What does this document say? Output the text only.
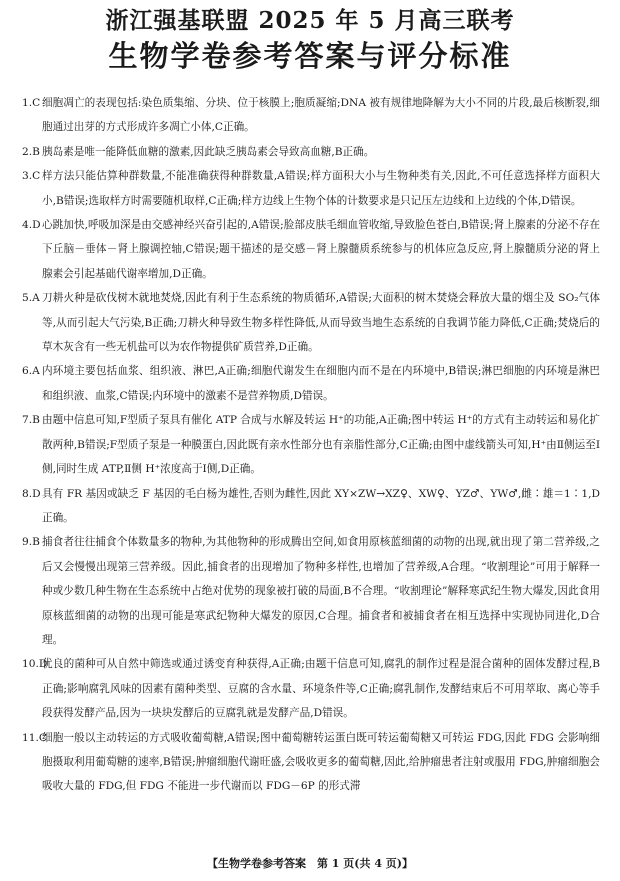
浙江强基联盟 2025 年 5 月高三联考
生物学卷参考答案与评分标准
1.C 细胞凋亡的表现包括:染色质集缩、分块、位于核膜上;胞质凝缩;DNA 被有规律地降解为大小不同的片段,最后核断裂,细胞通过出芽的方式形成许多凋亡小体,C正确。
2.B 胰岛素是唯一能降低血糖的激素,因此缺乏胰岛素会导致高血糖,B正确。
3.C 样方法只能估算种群数量,不能准确获得种群数量,A错误;样方面积大小与生物种类有关,因此,不可任意选择样方面积大小,B错误;选取样方时需要随机取样,C正确;样方边线上生物个体的计数要求是只记压左边线和上边线的个体,D错误。
4.D 心跳加快,呼吸加深是由交感神经兴奋引起的,A错误;脸部皮肤毛细血管收缩,导致脸色苍白,B错误;肾上腺素的分泌不存在下丘脑－垂体－肾上腺调控轴,C错误;题干描述的是交感－肾上腺髓质系统参与的机体应急反应,肾上腺髓质分泌的肾上腺素会引起基础代谢率增加,D正确。
5.A 刀耕火种是砍伐树木就地焚烧,因此有利于生态系统的物质循环,A错误;大面积的树木焚烧会释放大量的烟尘及 SO₂气体等,从而引起大气污染,B正确;刀耕火种导致生物多样性降低,从而导致当地生态系统的自我调节能力降低,C正确;焚烧后的草木灰含有一些无机盐可以为农作物提供矿质营养,D正确。
6.A 内环境主要包括血浆、组织液、淋巴,A正确;细胞代谢发生在细胞内而不是在内环境中,B错误;淋巴细胞的内环境是淋巴和组织液、血浆,C错误;内环境中的激素不是营养物质,D错误。
7.B 由题中信息可知,F型质子泵具有催化 ATP 合成与水解及转运 H⁺的功能,A正确;图中转运 H⁺的方式有主动转运和易化扩散两种,B错误;F型质子泵是一种膜蛋白,因此既有亲水性部分也有亲脂性部分,C正确;由图中虚线箭头可知,H⁺由Ⅱ侧运至Ⅰ侧,同时生成 ATP,Ⅱ侧 H⁺浓度高于Ⅰ侧,D正确。
8.D 具有 FR 基因或缺乏 F 基因的毛白杨为雄性,否则为雌性,因此 XY×ZW→XZ♀、XW♀、YZ♂、YW♂,雌∶雄＝1∶1,D正确。
9.B 捕食者往往捕食个体数量多的物种,为其他物种的形成腾出空间,如食用原核蓝细菌的动物的出现,就出现了第二营养级,之后又会慢慢出现第三营养级。因此,捕食者的出现增加了物种多样性,也增加了营养级,A合理。“收割理论”可用于解释一种或少数几种生物在生态系统中占绝对优势的现象被打破的局面,B不合理。“收割理论”解释寒武纪生物大爆发,因此食用原核蓝细菌的动物的出现可能是寒武纪物种大爆发的原因,C合理。捕食者和被捕食者在相互选择中实现协同进化,D合理。
10.D
优良的菌种可从自然中筛选或通过诱变育种获得,A正确;由题干信息可知,腐乳的制作过程是混合菌种的固体发酵过程,B正确;影响腐乳风味的因素有菌种类型、豆腐的含水量、环境条件等,C正确;腐乳制作,发酵结束后不可用萃取、离心等手段获得发酵产品,因为一块块发酵后的豆腐乳就是发酵产品,D错误。
11.C
细胞一般以主动转运的方式吸收葡萄糖,A错误;图中葡萄糖转运蛋白既可转运葡萄糖又可转运 FDG,因此 FDG 会影响细胞摄取利用葡萄糖的速率,B错误;肿瘤细胞代谢旺盛,会吸收更多的葡萄糖,因此,给肿瘤患者注射或服用 FDG,肿瘤细胞会吸收大量的 FDG,但 FDG 不能进一步代谢而以 FDG－6P 的形式滞
【生物学卷参考答案　第 1 页(共 4 页)】
